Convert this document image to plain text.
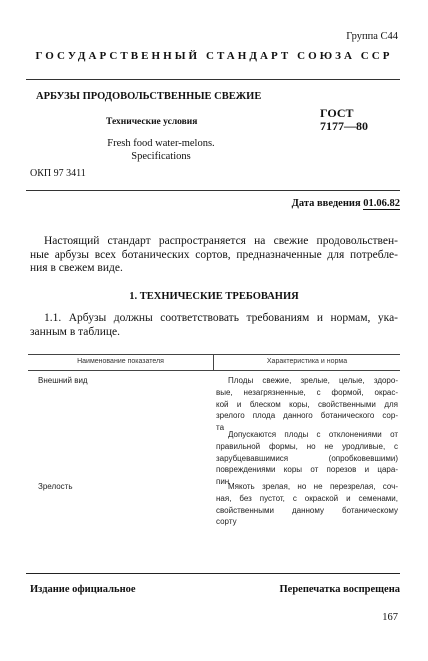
Группа С44
ГОСУДАРСТВЕННЫЙ СТАНДАРТ СОЮЗА ССР
АРБУЗЫ ПРОДОВОЛЬСТВЕННЫЕ СВЕЖИЕ
Технические условия
ГОСТ
7177—80
Fresh food water-melons.
Specifications
ОКП 97 3411
Дата введения 01.06.82
Настоящий стандарт распространяется на свежие продовольствен-
ные арбузы всех ботанических сортов, предназначенные для потребле-
ния в свежем виде.
1. ТЕХНИЧЕСКИЕ ТРЕБОВАНИЯ
1.1. Арбузы должны соответствовать требованиям и нормам, ука-
занным в таблице.
Наименование показателя	Характеристика и норма
Внешний вид	Плоды свежие, зрелые, целые, здоро-
вые, незагрязненные, с формой, окрас-
кой и блеском коры, свойственными для
зрелого плода данного ботанического сор-
та
Допускаются плоды с отклонениями от
правильной формы, но не уродливые, с
зарубцевавшимися (опробковевшими)
повреждениями коры от порезов и царa-
пин
Зрелость	Мякоть зрелая, но не перезрелая, соч-
ная, без пустот, с окраской и семенами,
свойственными данному ботаническому
сорту
Издание официальное	Перепечатка воспрещена
167
